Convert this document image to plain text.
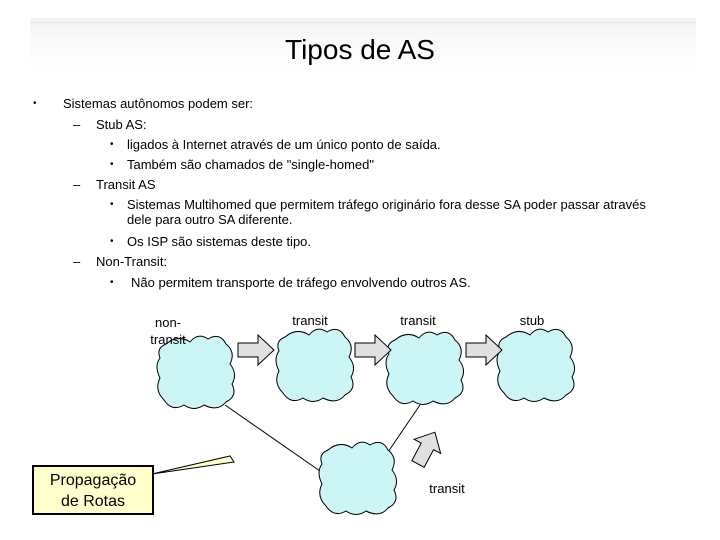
Tipos de AS
• Sistemas autônomos podem ser:
– Stub AS:
• ligados à Internet através de um único ponto de saída.
• Também são chamados de "single-homed"
– Transit AS
• Sistemas Multihomed que permitem tráfego originário fora desse SA poder passar através
dele para outro SA diferente.
• Os ISP são sistemas deste tipo.
– Non-Transit:
• Não permitem transporte de tráfego envolvendo outros AS.
non-
transit
transit	transit	stub
transit
Propagação
de Rotas
